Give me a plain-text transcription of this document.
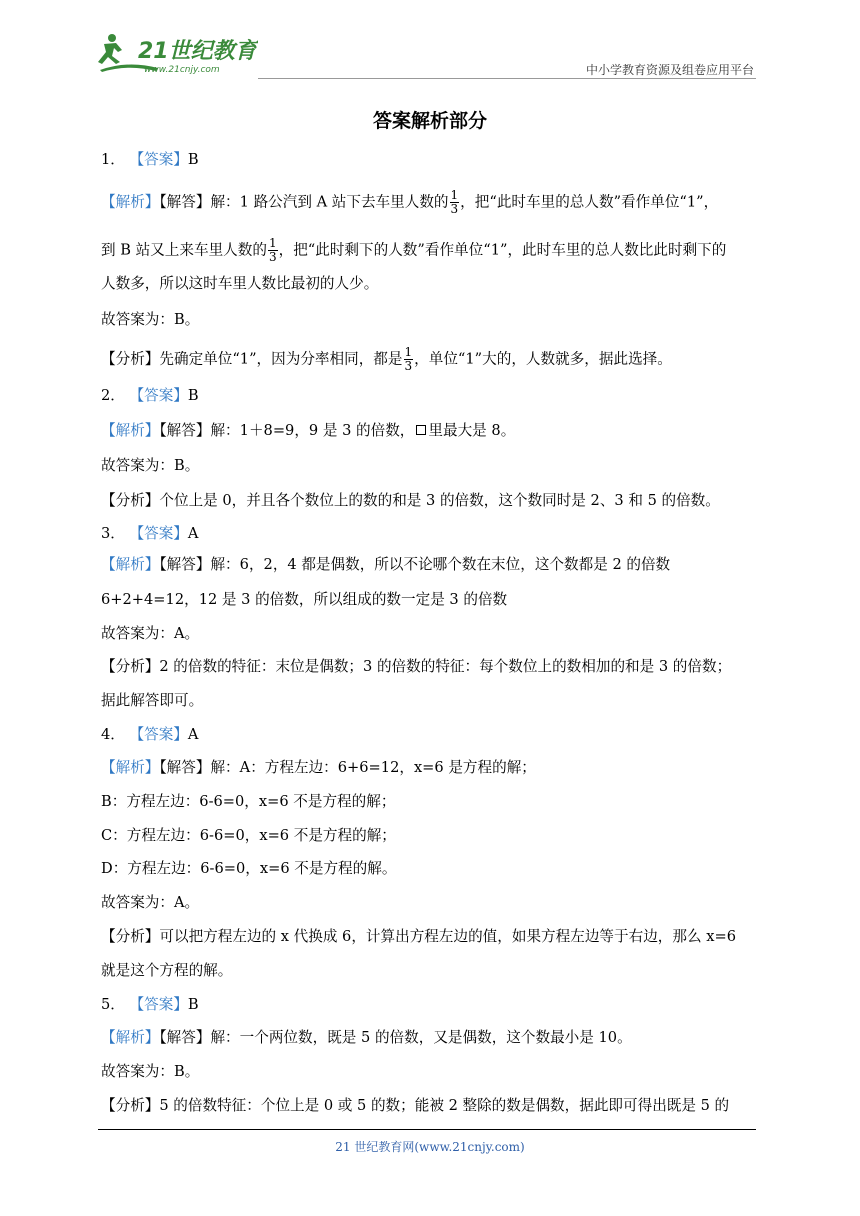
21世纪教育
www.21cnjy.com	中小学教育资源及组卷应用平台
答案解析部分
1． 【答案】B
【解析】【解答】解：1 路公汽到 A 站下去车里人数的 $\frac{1}{3}$ ，把“此时车里的总人数”看作单位“1”，
到 B 站又上来车里人数的 $\frac{1}{3}$ ，把“此时剩下的人数”看作单位“1”，此时车里的总人数比此时剩下的
人数多，所以这时车里人数比最初的人少。
故答案为：B。
【分析】先确定单位“1”，因为分率相同，都是 $\frac{1}{3}$ ，单位“1”大的，人数就多，据此选择。
2． 【答案】B
【解析】【解答】解：1＋8=9，9 是 3 的倍数， 里最大是 8。
故答案为：B。
【分析】个位上是 0，并且各个数位上的数的和是 3 的倍数，这个数同时是 2、3 和 5 的倍数。
3． 【答案】A
【解析】【解答】解：6，2，4 都是偶数，所以不论哪个数在末位，这个数都是 2 的倍数
6+2+4=12，12 是 3 的倍数，所以组成的数一定是 3 的倍数
故答案为：A。
【分析】2 的倍数的特征：末位是偶数；3 的倍数的特征：每个数位上的数相加的和是 3 的倍数；
据此解答即可。
4． 【答案】A
【解析】【解答】解：A：方程左边：6+6=12，x=6 是方程的解；
B：方程左边：6-6=0，x=6 不是方程的解；
C：方程左边：6-6=0，x=6 不是方程的解；
D：方程左边：6-6=0，x=6 不是方程的解。
故答案为：A。
【分析】可以把方程左边的 x 代换成 6，计算出方程左边的值，如果方程左边等于右边，那么 x=6
就是这个方程的解。
5． 【答案】B
【解析】【解答】解：一个两位数，既是 5 的倍数，又是偶数，这个数最小是 10。
故答案为：B。
【分析】5 的倍数特征：个位上是 0 或 5 的数；能被 2 整除的数是偶数，据此即可得出既是 5 的
21 世纪教育网(www.21cnjy.com)
